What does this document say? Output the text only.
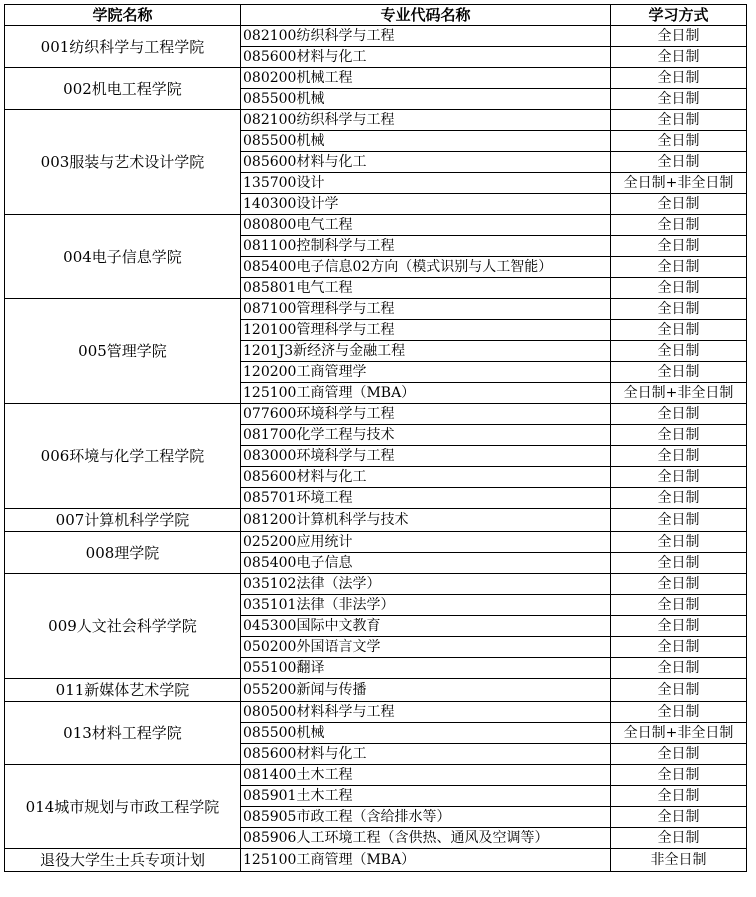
学院名称	专业代码名称	学习方式
001纺织科学与工程学院	082100纺织科学与工程	全日制
	085600材料与化工	全日制
002机电工程学院	080200机械工程	全日制
	085500机械	全日制
003服装与艺术设计学院	082100纺织科学与工程	全日制
	085500机械	全日制
	085600材料与化工	全日制
	135700设计	全日制+非全日制
	140300设计学	全日制
004电子信息学院	080800电气工程	全日制
	081100控制科学与工程	全日制
	085400电子信息02方向（模式识别与人工智能）	全日制
	085801电气工程	全日制
005管理学院	087100管理科学与工程	全日制
	120100管理科学与工程	全日制
	1201J3新经济与金融工程	全日制
	120200工商管理学	全日制
	125100工商管理（MBA）	全日制+非全日制
006环境与化学工程学院	077600环境科学与工程	全日制
	081700化学工程与技术	全日制
	083000环境科学与工程	全日制
	085600材料与化工	全日制
	085701环境工程	全日制
007计算机科学学院	081200计算机科学与技术	全日制
008理学院	025200应用统计	全日制
	085400电子信息	全日制
009人文社会科学学院	035102法律（法学）	全日制
	035101法律（非法学）	全日制
	045300国际中文教育	全日制
	050200外国语言文学	全日制
	055100翻译	全日制
011新媒体艺术学院	055200新闻与传播	全日制
013材料工程学院	080500材料科学与工程	全日制
	085500机械	全日制+非全日制
	085600材料与化工	全日制
014城市规划与市政工程学院	081400土木工程	全日制
	085901土木工程	全日制
	085905市政工程（含给排水等）	全日制
	085906人工环境工程（含供热、通风及空调等）	全日制
退役大学生士兵专项计划	125100工商管理（MBA）	非全日制
